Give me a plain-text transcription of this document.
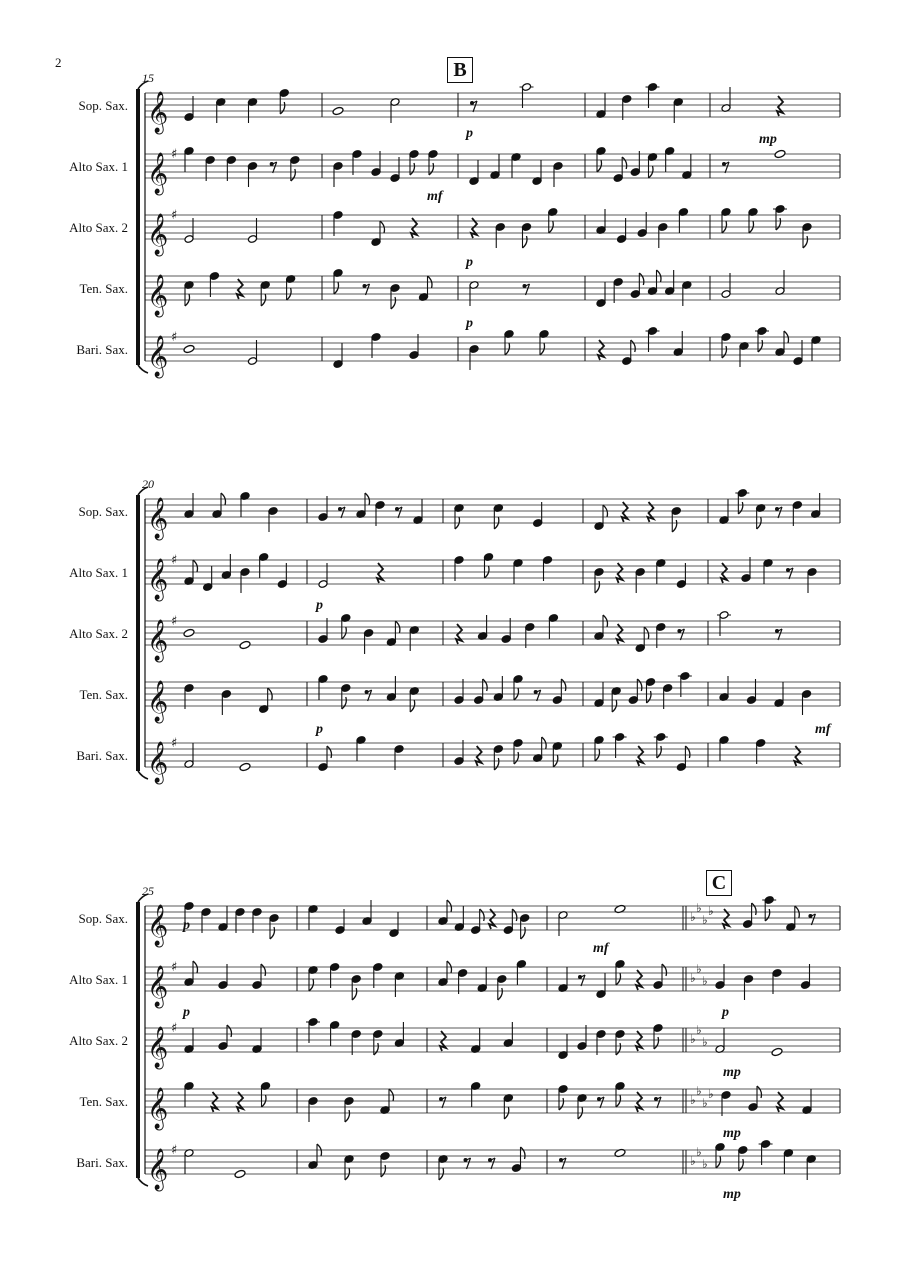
2
𝄞
𝄞 ♯
𝄞 ♯
𝄞
𝄞 ♯
𝄞
𝄞 ♯
𝄞 ♯
𝄞
𝄞 ♯
𝄞	♭
♭
♭
♭
𝄞 ♯
♭
♭
♭
𝄞 ♯
♭
♭
♭
𝄞	♭
♭
♭
♭
𝄞 ♯
♭
♭
♭
15	B
Sop. Sax.
Alto Sax. 1
Alto Sax. 2
Ten. Sax.
Bari. Sax.
20
Sop. Sax.
Alto Sax. 1
Alto Sax. 2
Ten. Sax.
Bari. Sax.
25	C
Sop. Sax.
Alto Sax. 1
Alto Sax. 2
Ten. Sax.
Bari. Sax.
p
mf
p
p
mp
p
p	mf
p
p
mf
p
mp
mp
mp
